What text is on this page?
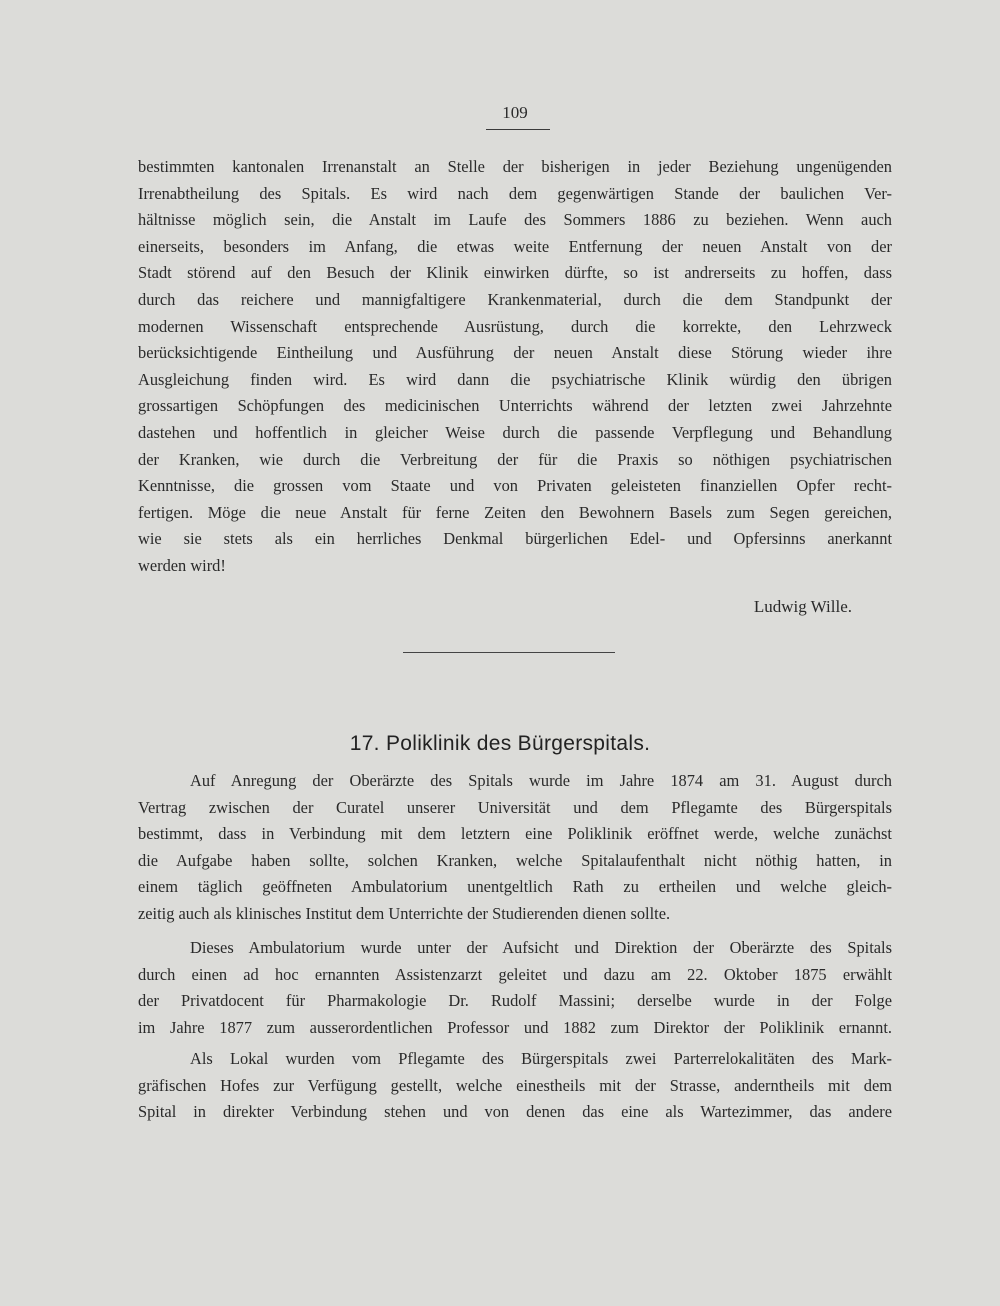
109
bestimmten kantonalen Irrenanstalt an Stelle der bisherigen in jeder Beziehung ungenügenden
Irrenabtheilung des Spitals. Es wird nach dem gegenwärtigen Stande der baulichen Ver-
hältnisse möglich sein, die Anstalt im Laufe des Sommers 1886 zu beziehen. Wenn auch
einerseits, besonders im Anfang, die etwas weite Entfernung der neuen Anstalt von der
Stadt störend auf den Besuch der Klinik einwirken dürfte, so ist andrerseits zu hoffen, dass
durch das reichere und mannigfaltigere Krankenmaterial, durch die dem Standpunkt der
modernen Wissenschaft entsprechende Ausrüstung, durch die korrekte, den Lehrzweck
berücksichtigende Eintheilung und Ausführung der neuen Anstalt diese Störung wieder ihre
Ausgleichung finden wird. Es wird dann die psychiatrische Klinik würdig den übrigen
grossartigen Schöpfungen des medicinischen Unterrichts während der letzten zwei Jahrzehnte
dastehen und hoffentlich in gleicher Weise durch die passende Verpflegung und Behandlung
der Kranken, wie durch die Verbreitung der für die Praxis so nöthigen psychiatrischen
Kenntnisse, die grossen vom Staate und von Privaten geleisteten finanziellen Opfer recht-
fertigen. Möge die neue Anstalt für ferne Zeiten den Bewohnern Basels zum Segen gereichen,
wie sie stets als ein herrliches Denkmal bürgerlichen Edel- und Opfersinns anerkannt
werden wird!
Ludwig Wille.
17. Poliklinik des Bürgerspitals.
Auf Anregung der Oberärzte des Spitals wurde im Jahre 1874 am 31. August durch
Vertrag zwischen der Curatel unserer Universität und dem Pflegamte des Bürgerspitals
bestimmt, dass in Verbindung mit dem letztern eine Poliklinik eröffnet werde, welche zunächst
die Aufgabe haben sollte, solchen Kranken, welche Spitalaufenthalt nicht nöthig hatten, in
einem täglich geöffneten Ambulatorium unentgeltlich Rath zu ertheilen und welche gleich-
zeitig auch als klinisches Institut dem Unterrichte der Studierenden dienen sollte.
Dieses Ambulatorium wurde unter der Aufsicht und Direktion der Oberärzte des Spitals
durch einen ad hoc ernannten Assistenzarzt geleitet und dazu am 22. Oktober 1875 erwählt
der Privatdocent für Pharmakologie Dr. Rudolf Massini; derselbe wurde in der Folge
im Jahre 1877 zum ausserordentlichen Professor und 1882 zum Direktor der Poliklinik ernannt.
Als Lokal wurden vom Pflegamte des Bürgerspitals zwei Parterrelokalitäten des Mark-
gräfischen Hofes zur Verfügung gestellt, welche einestheils mit der Strasse, anderntheils mit dem
Spital in direkter Verbindung stehen und von denen das eine als Wartezimmer, das andere
